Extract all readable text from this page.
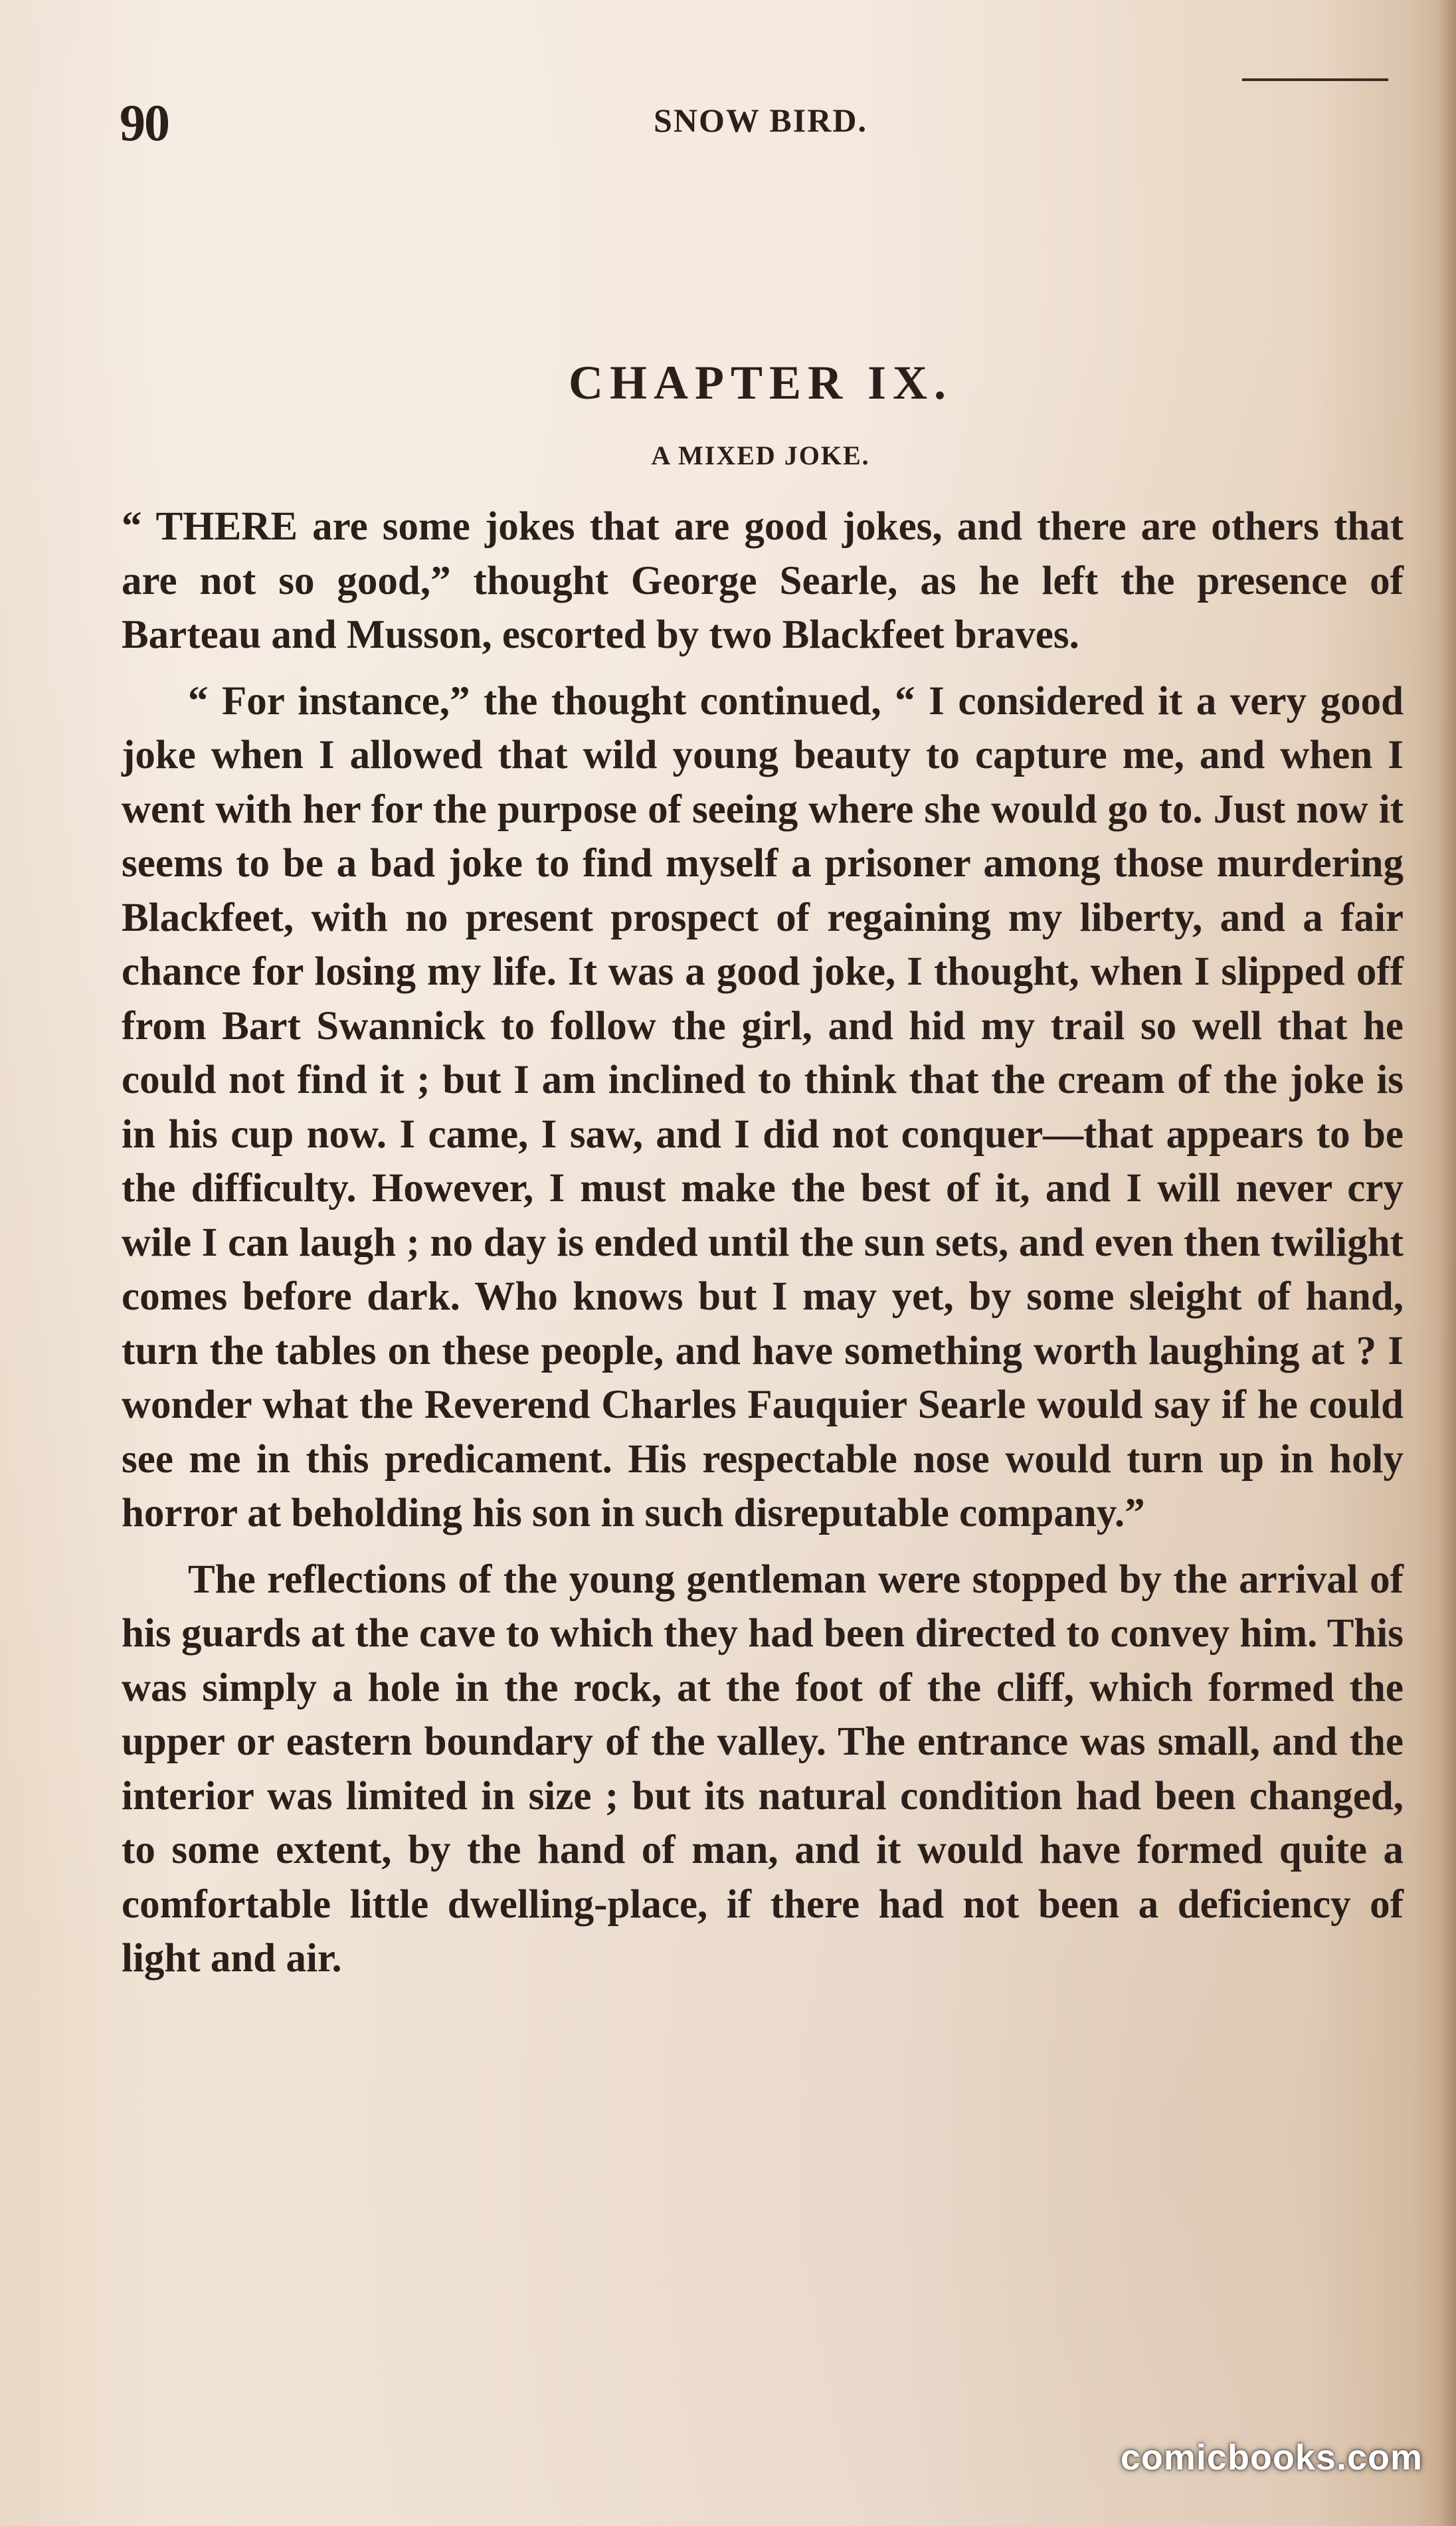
90	SNOW BIRD.
CHAPTER IX.
A MIXED JOKE.

“ THERE are some jokes that are good jokes, and there are others that are not so good,” thought George Searle, as he left the presence of Barteau and Musson, escorted by two Blackfeet braves.

“ For instance,” the thought continued, “ I considered it a very good joke when I allowed that wild young beauty to capture me, and when I went with her for the purpose of seeing where she would go to. Just now it seems to be a bad joke to find myself a prisoner among those murdering Blackfeet, with no present prospect of regaining my liberty, and a fair chance for losing my life. It was a good joke, I thought, when I slipped off from Bart Swannick to follow the girl, and hid my trail so well that he could not find it ; but I am inclined to think that the cream of the joke is in his cup now. I came, I saw, and I did not conquer—that appears to be the difficulty. However, I must make the best of it, and I will never cry wile I can laugh ; no day is ended until the sun sets, and even then twilight comes before dark. Who knows but I may yet, by some sleight of hand, turn the tables on these people, and have something worth laughing at ? I wonder what the Reverend Charles Fauquier Searle would say if he could see me in this predicament. His respectable nose would turn up in holy horror at beholding his son in such disreputable company.”

The reflections of the young gentleman were stopped by the arrival of his guards at the cave to which they had been directed to convey him. This was simply a hole in the rock, at the foot of the cliff, which formed the upper or eastern boundary of the valley. The entrance was small, and the interior was limited in size ; but its natural condition had been changed, to some extent, by the hand of man, and it would have formed quite a comfortable little dwelling-place, if there had not been a deficiency of light and air.

comicbooks.com
